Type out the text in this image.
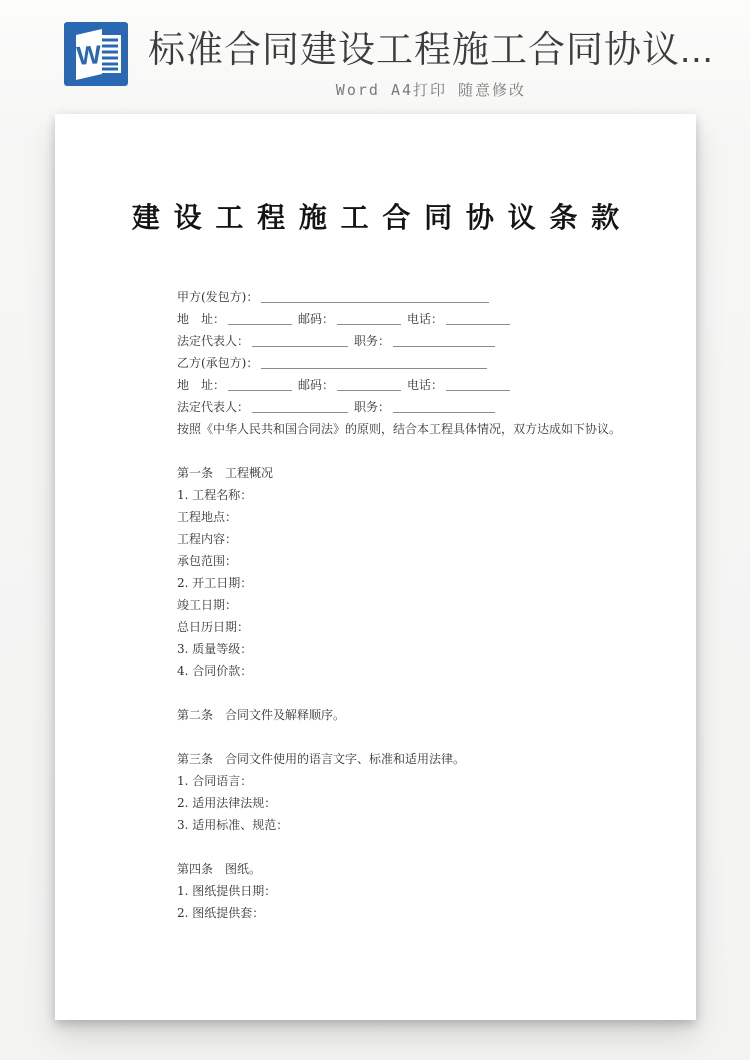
W 标准合同建设工程施工合同协议...
Word A4打印 随意修改
建 设 工 程 施 工 合 同 协 议 条 款
甲方(发包方)：
地　址：	邮码：	电话：
法定代表人：	职务：
乙方(承包方)：
地　址：	邮码：	电话：
法定代表人：	职务：
按照《中华人民共和国合同法》的原则，结合本工程具体情况，双方达成如下协议。

第一条　工程概况
1. 工程名称：
工程地点：
工程内容：
承包范围：
2. 开工日期：
竣工日期：
总日历日期：
3. 质量等级：
4. 合同价款：

第二条　合同文件及解释顺序。

第三条　合同文件使用的语言文字、标准和适用法律。
1. 合同语言：
2. 适用法律法规：
3. 适用标准、规范：

第四条　图纸。
1. 图纸提供日期：
2. 图纸提供套：
